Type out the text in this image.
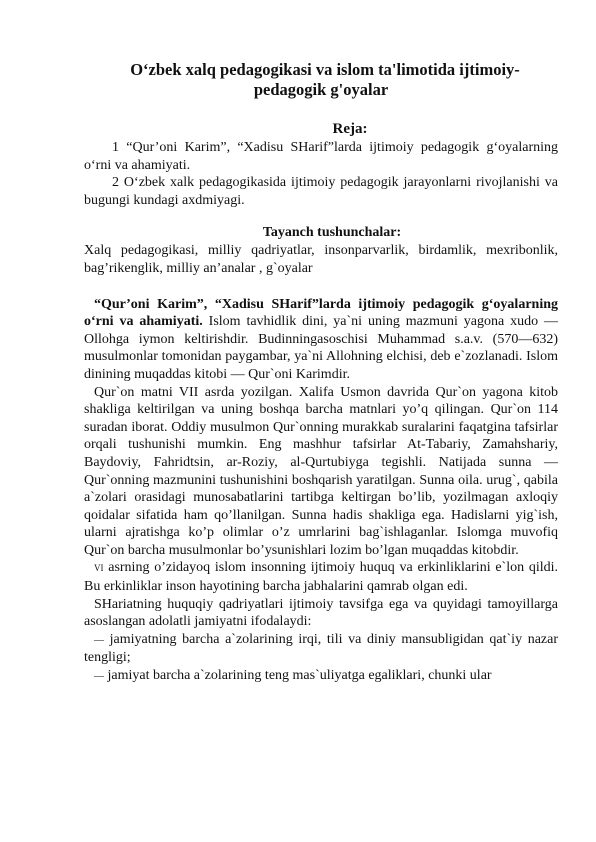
O‘zbek xalq pedagogikasi va islom ta'limotida ijtimoiy-
pedagogik g'oyalar
Reja:

1 “Qur’oni Karim”, “Xadisu SHarif”larda ijtimoiy pedagogik g‘oyalarning o‘rni va ahamiyati.

2 O‘zbek xalk pedagogikasida ijtimoiy pedagogik jarayonlarni rivojlanishi va bugungi kundagi axdmiyagi.

Tayanch tushunchalar:

Xalq pedagogikasi, milliy qadriyatlar, insonparvarlik, birdamlik, mexribonlik, bag’rikenglik, milliy an’analar , g`oyalar

“Qur’oni Karim”, “Xadisu SHarif”larda ijtimoiy pedagogik g‘oyalarning o‘rni va ahamiyati. Islom tavhidlik dini, ya`ni uning mazmuni yagona xudo — Ollohga iymon keltirishdir. Budinningasoschisi Muhammad s.a.v. (570—632) musulmonlar tomonidan paygambar, ya`ni Allohning elchisi, deb e`zozlanadi. Islom dinining muqaddas kitobi — Qur`oni Karimdir.

Qur`on matni VII asrda yozilgan. Xalifa Usmon davrida Qur`on yagona kitob shakliga keltirilgan va uning boshqa barcha matnlari yo’q qilingan. Qur`on 114 suradan iborat. Oddiy musulmon Qur`onning murakkab suralarini faqatgina tafsirlar orqali tushunishi mumkin. Eng mashhur tafsirlar At-Tabariy, Zamahshariy, Baydoviy, Fahridtsin, ar-Roziy, al-Qurtubiyga tegishli. Natijada sunna — Qur`onning mazmunini tushunishini boshqarish yaratilgan. Sunna oila. urug`, qabila a`zolari orasidagi munosabatlarini tartibga keltirgan bo’lib, yozilmagan axloqiy qoidalar sifatida ham qo’llanilgan. Sunna hadis shakliga ega. Hadislarni yig`ish, ularni ajratishga ko’p olimlar o’z umrlarini bag`ishlaganlar. Islomga muvofiq Qur`on barcha musulmonlar bo’ysunishlari lozim bo’lgan muqaddas kitobdir.

VI asrning o’zidayoq islom insonning ijtimoiy huquq va erkinliklarini e`lon qildi. Bu erkinliklar inson hayotining barcha jabhalarini qamrab olgan edi.

SHariatning huquqiy qadriyatlari ijtimoiy tavsifga ega va quyidagi tamoyillarga asoslangan adolatli jamiyatni ifodalaydi:

— jamiyatning barcha a`zolarining irqi, tili va diniy mansubligidan qat`iy nazar tengligi;

— jamiyat barcha a`zolarining teng mas`uliyatga egaliklari, chunki ular
